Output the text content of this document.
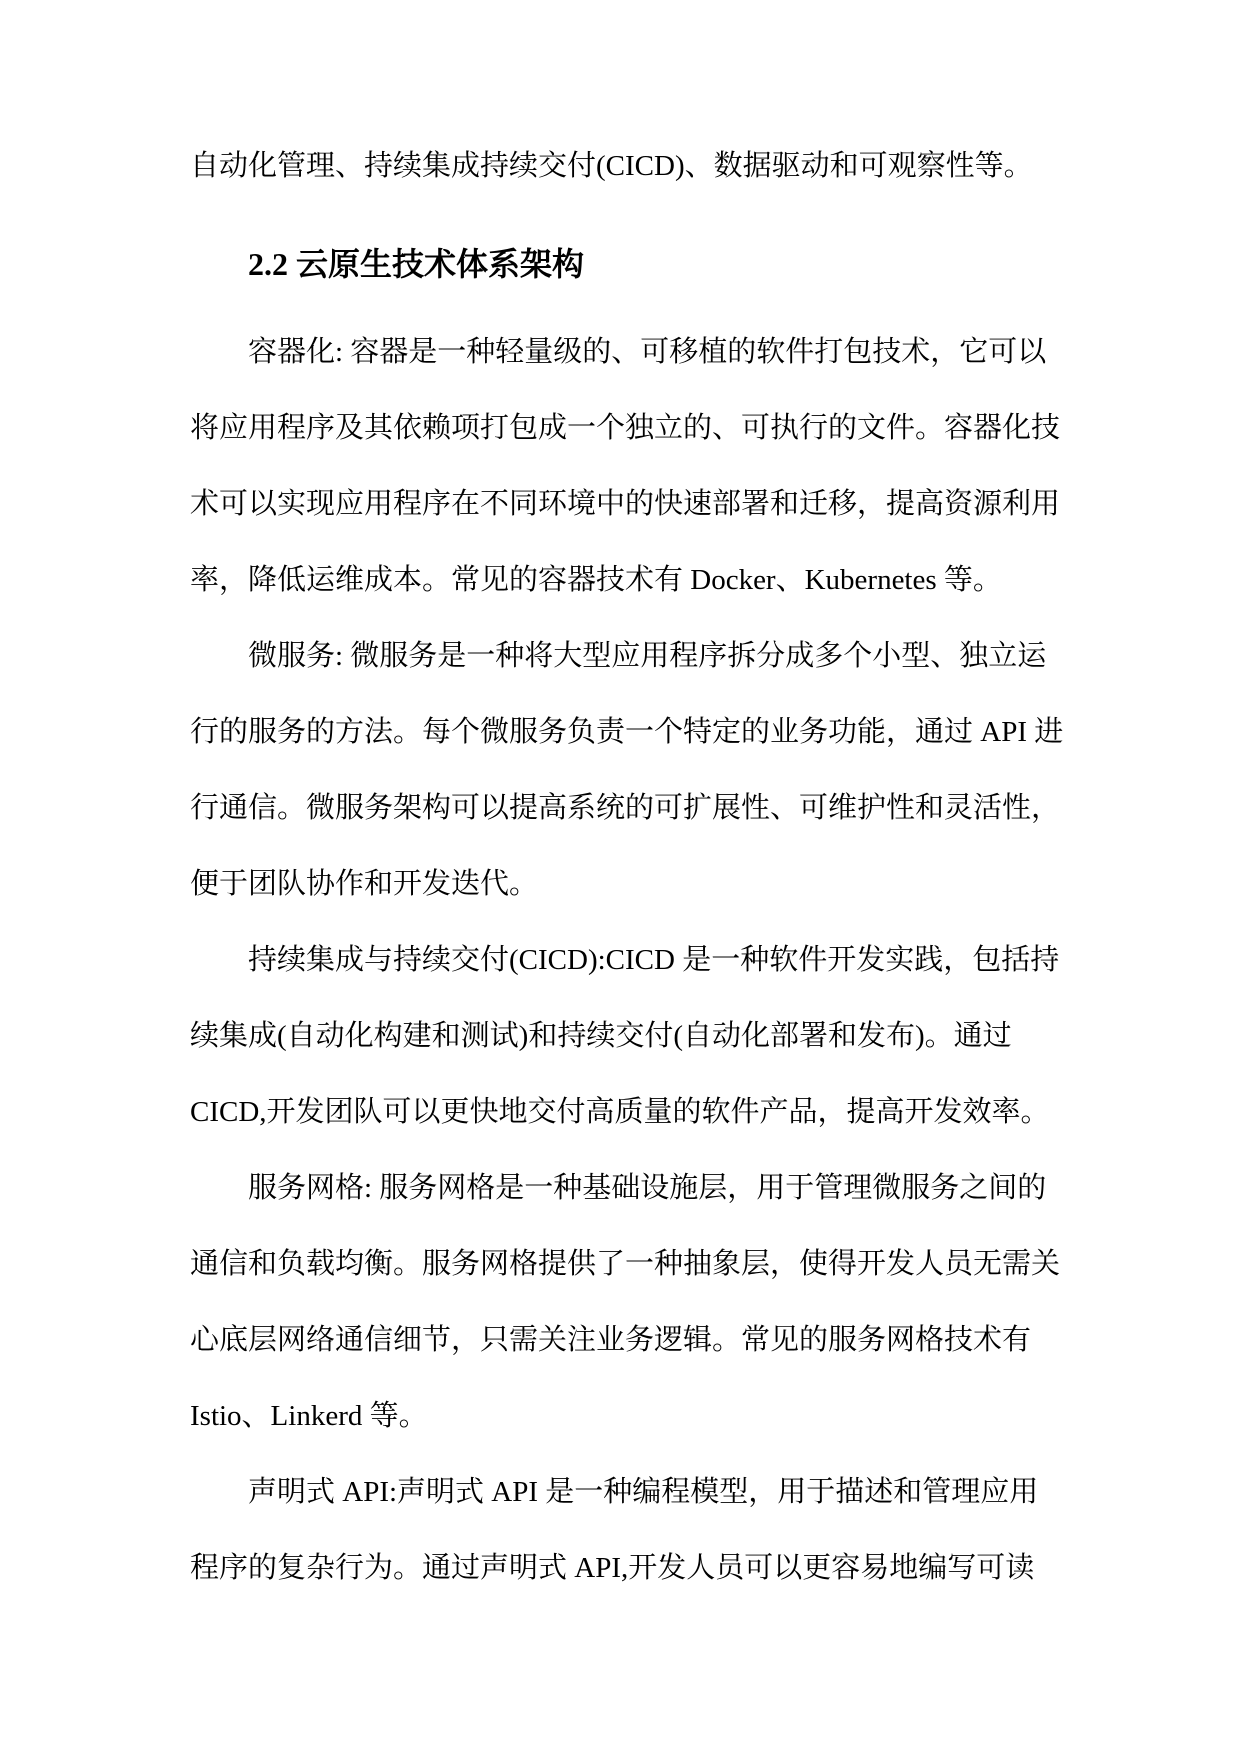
自动化管理、持续集成持续交付(CICD)、数据驱动和可观察性等。
2.2 云原生技术体系架构
容器化: 容器是一种轻量级的、可移植的软件打包技术，它可以
将应用程序及其依赖项打包成一个独立的、可执行的文件。容器化技
术可以实现应用程序在不同环境中的快速部署和迁移，提高资源利用
率，降低运维成本。常见的容器技术有 Docker、Kubernetes 等。
微服务: 微服务是一种将大型应用程序拆分成多个小型、独立运
行的服务的方法。每个微服务负责一个特定的业务功能，通过 API 进
行通信。微服务架构可以提高系统的可扩展性、可维护性和灵活性，
便于团队协作和开发迭代。
持续集成与持续交付(CICD):CICD 是一种软件开发实践，包括持
续集成(自动化构建和测试)和持续交付(自动化部署和发布)。通过
CICD,开发团队可以更快地交付高质量的软件产品，提高开发效率。
服务网格: 服务网格是一种基础设施层，用于管理微服务之间的
通信和负载均衡。服务网格提供了一种抽象层，使得开发人员无需关
心底层网络通信细节，只需关注业务逻辑。常见的服务网格技术有
Istio、Linkerd 等。
声明式 API:声明式 API 是一种编程模型，用于描述和管理应用
程序的复杂行为。通过声明式 API,开发人员可以更容易地编写可读
